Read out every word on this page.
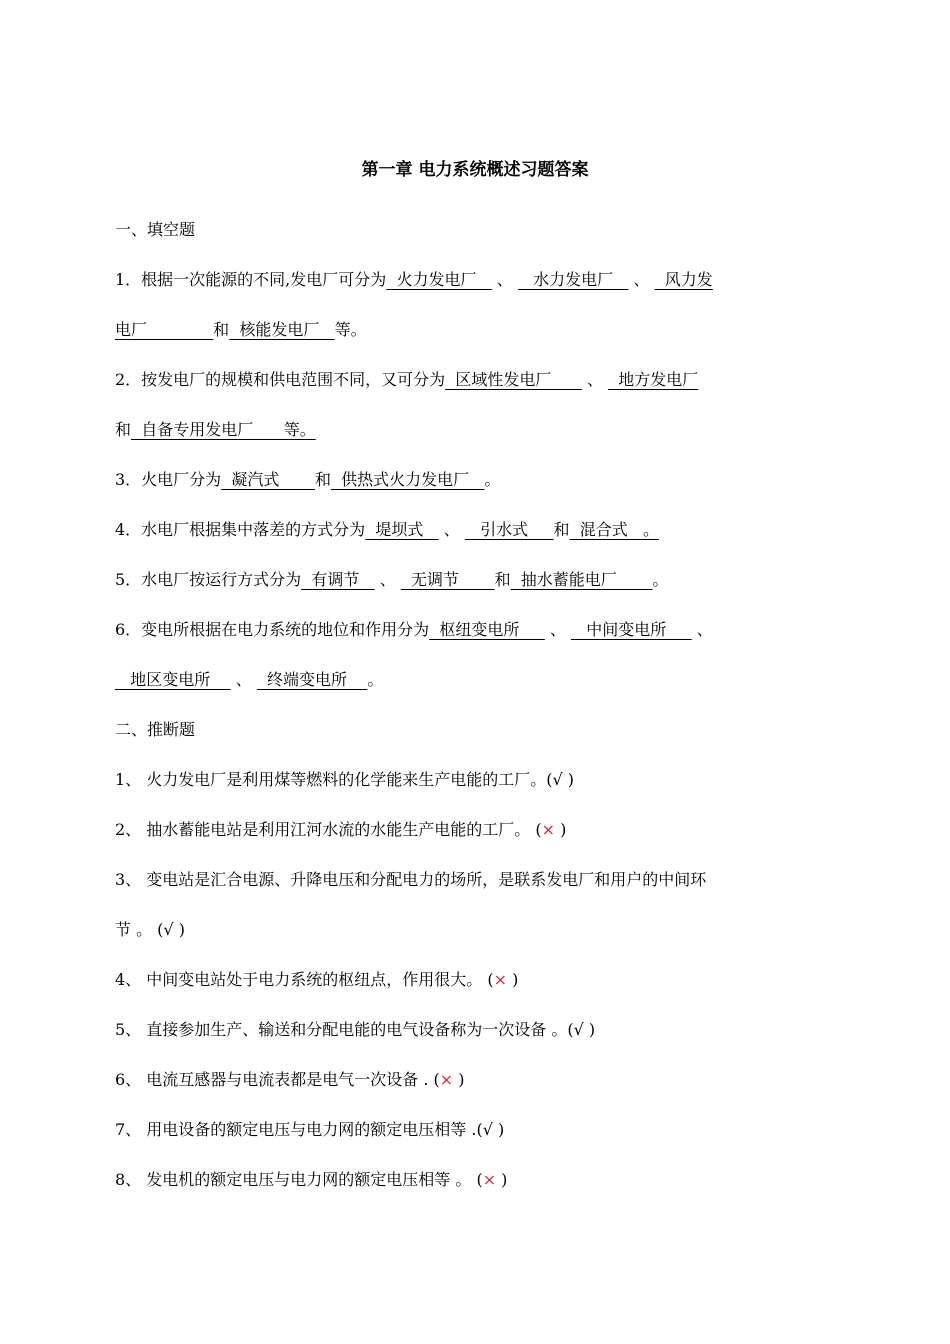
第一章 电力系统概述习题答案
一、填空题
1．根据一次能源的不同,发电厂可分为  火力发电厂    、    水力发电厂    、   风力发
电厂             和  核能发电厂   等。
2．按发电厂的规模和供电范围不同，又可分为  区域性发电厂       、   地方发电厂
和  自备专用发电厂      等。
3．火电厂分为  凝汽式       和  供热式火力发电厂   。
4．水电厂根据集中落差的方式分为  堤坝式    、    引水式     和  混合式   。
5．水电厂按运行方式分为  有调节    、   无调节       和  抽水蓄能电厂       。
6．变电所根据在电力系统的地位和作用分为  枢纽变电所      、    中间变电所      、
地区变电所     、   终端变电所    。
二、推断题
1、 火力发电厂是利用煤等燃料的化学能来生产电能的工厂。(√ )
2、 抽水蓄能电站是利用江河水流的水能生产电能的工厂。 (× )
3、 变电站是汇合电源、升降电压和分配电力的场所，是联系发电厂和用户的中间环
节 。 (√ )
4、 中间变电站处于电力系统的枢纽点，作用很大。 (× )
5、 直接参加生产、输送和分配电能的电气设备称为一次设备 。(√ )
6、 电流互感器与电流表都是电气一次设备 . (× )
7、 用电设备的额定电压与电力网的额定电压相等 .(√ )
8、 发电机的额定电压与电力网的额定电压相等 。 (× )
